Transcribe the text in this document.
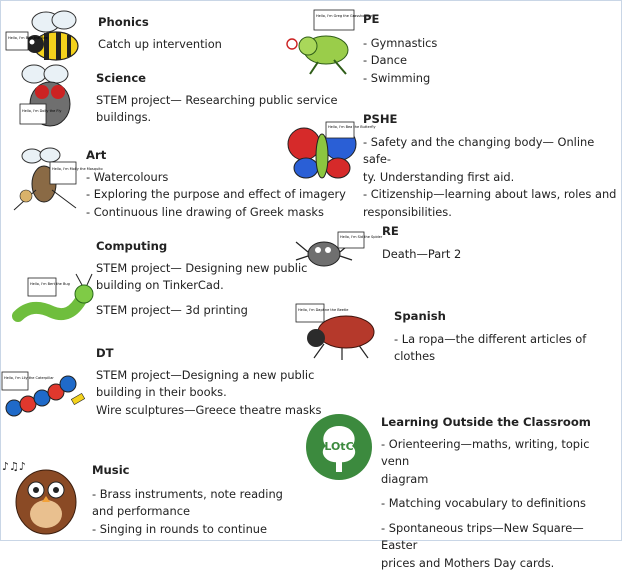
Hello, I'm Billy the Bee
Phonics

Catch up intervention

Hello, I'm Dolly the Fly
Science

STEM project— Researching public service

buildings.

Hello, I'm Molly the Mosquito
Art

- Watercolours

- Exploring the purpose and effect of imagery

- Continuous line drawing of Greek masks

Hello, I'm Bert the Bug
Computing

STEM project— Designing new public

building on TinkerCad.

STEM project— 3d printing

Hello, I'm Lily the Caterpillar
DT

STEM project—Designing a new public

building in their books.

Wire sculptures—Greece theatre masks

♪♫♪	Music

- Brass instruments, note reading

and performance

- Singing in rounds to continue

Hello, I'm Greg the Grasshopper
PE

- Gymnastics

- Dance

- Swimming

Hello, I'm Bea the Butterfly
PSHE

- Safety and the changing body— Online safe-

ty. Understanding first aid.

- Citizenship—learning about laws, roles and

responsibilities.

Hello, I'm Sid the Spider RE

Death—Part 2

Hello, I'm Daphne the Beetle	Spanish

- La ropa—the different articles of

clothes

LOtC
Learning Outside the Classroom

- Orienteering—maths, writing, topic venn

diagram

- Matching vocabulary to definitions

- Spontaneous trips—New Square—Easter

prices and Mothers Day cards.
